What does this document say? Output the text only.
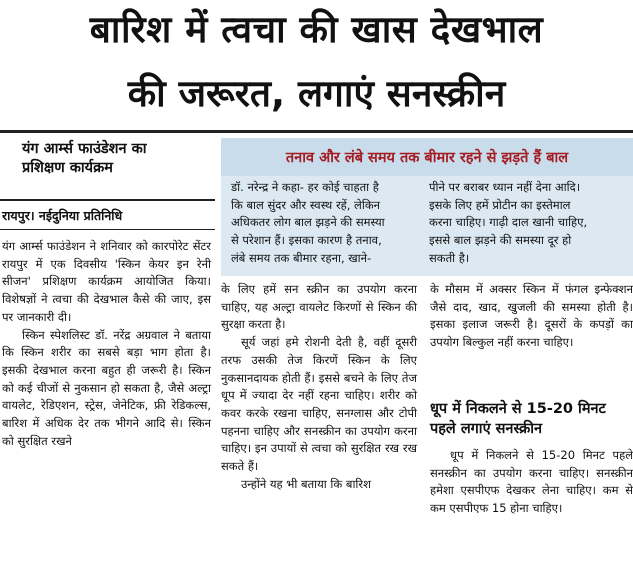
बारिश में त्वचा की खास देखभाल
की जरूरत, लगाएं सनस्क्रीन
यंग आर्म्स फाउंडेशन का
प्रशिक्षण कार्यक्रम
रायपुर। नईदुनिया प्रतिनिधि
तनाव और लंबे समय तक बीमार रहने से झड़ते हैं बाल
डॉ. नरेन्द्र ने कहा- हर कोई चाहता है
कि बाल सुंदर और स्वस्थ रहें, लेकिन
अधिकतर लोग बाल झड़ने की समस्या
से परेशान हैं। इसका कारण है तनाव,
लंबे समय तक बीमार रहना, खाने-
पीने पर बराबर ध्यान नहीं देना आदि।
इसके लिए हमें प्रोटीन का इस्तेमाल
करना चाहिए। गाढ़ी दाल खानी चाहिए,
इससे बाल झड़ने की समस्या दूर हो
सकती है।

यंग आर्म्स फाउंडेशन ने शनिवार को कारपोरेट सेंटर रायपुर में एक दिवसीय 'स्किन केयर इन रेनी सीजन' प्रशिक्षण कार्यक्रम आयोजित किया। विशेषज्ञों ने त्वचा की देखभाल कैसे की जाए, इस पर जानकारी दी।

स्किन स्पेशलिस्ट डॉ. नरेंद्र अग्रवाल ने बताया कि स्किन शरीर का सबसे बड़ा भाग होता है। इसकी देखभाल करना बहुत ही जरूरी है। स्किन को कई चीजों से नुकसान हो सकता है, जैसे अल्ट्रा वायलेट, रेडिएशन, स्ट्रेस, जेनेटिक, फ्री रेडिकल्स, बारिश में अधिक देर तक भीगने आदि से। स्किन को सुरक्षित रखने

के लिए हमें सन स्क्रीन का उपयोग करना चाहिए, यह अल्ट्रा वायलेट किरणों से स्किन की सुरक्षा करता है।

सूर्य जहां हमे रोशनी देती है, वहीं दूसरी तरफ उसकी तेज किरणें स्किन के लिए नुकसानदायक होती हैं। इससे बचने के लिए तेज धूप में ज्यादा देर नहीं रहना चाहिए। शरीर को कवर करके रखना चाहिए, सनग्लास और टोपी पहनना चाहिए और सनस्क्रीन का उपयोग करना चाहिए। इन उपायों से त्वचा को सुरक्षित रख रख सकते हैं।

उन्होंने यह भी बताया कि बारिश

के मौसम में अक्सर स्किन में फंगल इन्फेक्शन जैसे दाद, खाद, खुजली की समस्या होती है। इसका इलाज जरूरी है। दूसरों के कपड़ों का उपयोग बिल्कुल नहीं करना चाहिए।

धूप में निकलने से 15-20 मिनट पहले लगाएं सनस्क्रीन

धूप में निकलने से 15-20 मिनट पहले सनस्क्रीन का उपयोग करना चाहिए। सनस्क्रीन हमेशा एसपीएफ देखकर लेना चाहिए। कम से कम एसपीएफ 15 होना चाहिए।
